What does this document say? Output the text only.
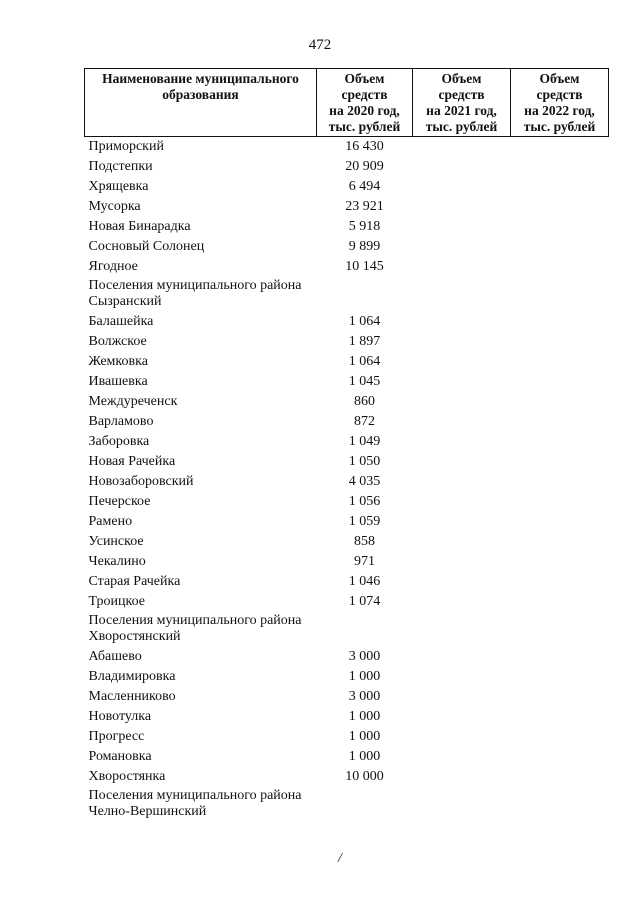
472
Наименование муниципального
образования	Объем
средств
на 2020 год,
тыс. рублей	Объем
средств
на 2021 год,
тыс. рублей	Объем
средств
на 2022 год,
тыс. рублей

Приморский	16 430		
Подстепки	20 909		
Хрящевка	6 494		
Мусорка	23 921		
Новая Бинарадка	5 918		
Сосновый Солонец	9 899		
Ягодное	10 145		

Поселения муниципального района
Сызранский			

Балашейка	1 064		
Волжское	1 897		
Жемковка	1 064		
Ивашевка	1 045		
Междуреченск	860		
Варламово	872		
Заборовка	1 049		
Новая Рачейка	1 050		
Новозаборовский	4 035		
Печерское	1 056		
Рамено	1 059		
Усинское	858		
Чекалино	971		
Старая Рачейка	1 046		
Троицкое	1 074		

Поселения муниципального района
Хворостянский			

Абашево	3 000		
Владимировка	1 000		
Масленниково	3 000		
Новотулка	1 000		
Прогресс	1 000		
Романовка	1 000		
Хворостянка	10 000		

Поселения муниципального района
Челно-Вершинский			

/
